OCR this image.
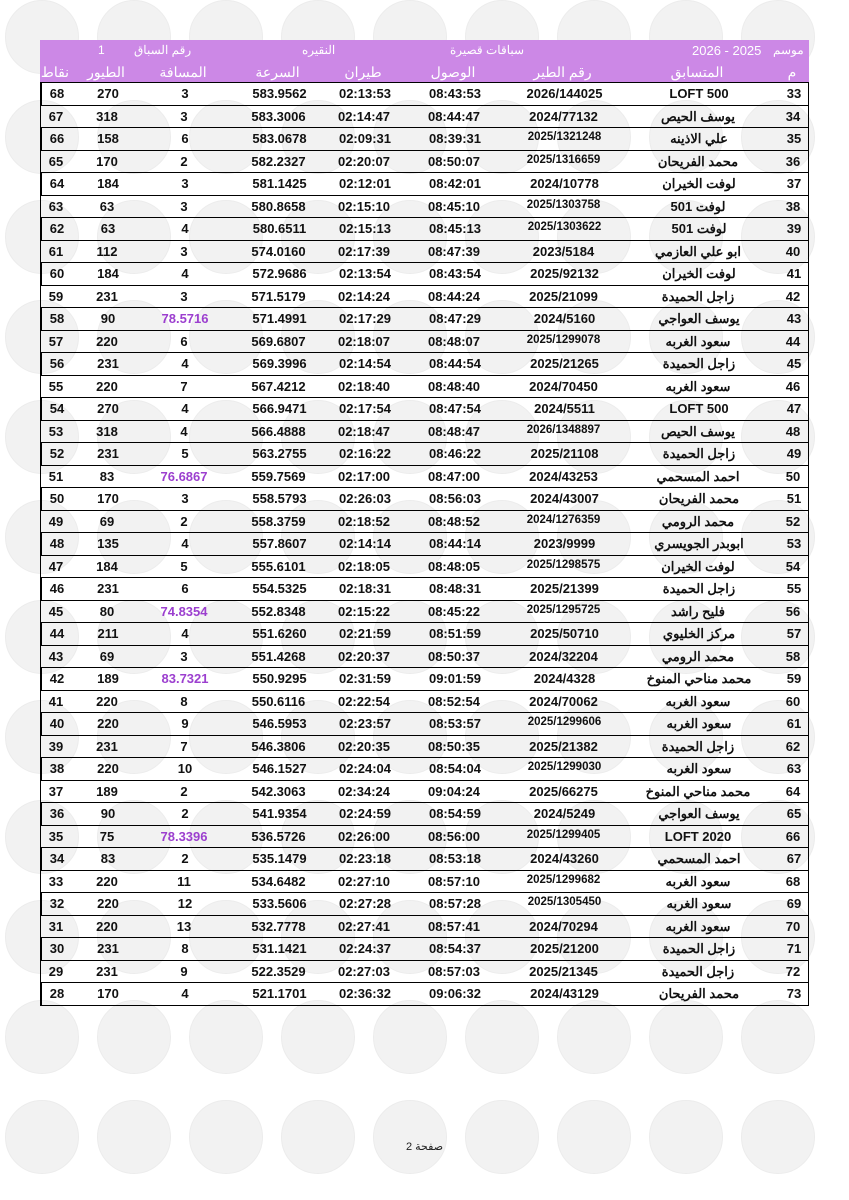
1 رقم السباق	النقيره	سباقات قصيرة	2026 - 2025 موسم
نقاط	الطيور	المسافة	السرعة	طيران	الوصول	رقم الطير	المتسابق	م
68	270	3	583.9562	02:13:53	08:43:53	2026/144025	LOFT 500	33
67	318	3	583.3006	02:14:47	08:44:47	2024/77132	يوسف الحيص	34
66	158	6	583.0678	02:09:31	08:39:31	2025/1321248	علي الاذينه	35
65	170	2	582.2327	02:20:07	08:50:07	2025/1316659	محمد الفريحان	36
64	184	3	581.1425	02:12:01	08:42:01	2024/10778	لوفت الخيران	37
63	63	3	580.8658	02:15:10	08:45:10	2025/1303758	لوفت 501	38
62	63	4	580.6511	02:15:13	08:45:13	2025/1303622	لوفت 501	39
61	112	3	574.0160	02:17:39	08:47:39	2023/5184	ابو علي العازمي	40
60	184	4	572.9686	02:13:54	08:43:54	2025/92132	لوفت الخيران	41
59	231	3	571.5179	02:14:24	08:44:24	2025/21099	زاجل الحميدة	42
58	90	78.5716	571.4991	02:17:29	08:47:29	2024/5160	يوسف العواجي	43
57	220	6	569.6807	02:18:07	08:48:07	2025/1299078	سعود الغربه	44
56	231	4	569.3996	02:14:54	08:44:54	2025/21265	زاجل الحميدة	45
55	220	7	567.4212	02:18:40	08:48:40	2024/70450	سعود الغربه	46
54	270	4	566.9471	02:17:54	08:47:54	2024/5511	LOFT 500	47
53	318	4	566.4888	02:18:47	08:48:47	2026/1348897	يوسف الحيص	48
52	231	5	563.2755	02:16:22	08:46:22	2025/21108	زاجل الحميدة	49
51	83	76.6867	559.7569	02:17:00	08:47:00	2024/43253	احمد المسحمي	50
50	170	3	558.5793	02:26:03	08:56:03	2024/43007	محمد الفريحان	51
49	69	2	558.3759	02:18:52	08:48:52	2024/1276359	محمد الرومي	52
48	135	4	557.8607	02:14:14	08:44:14	2023/9999	ابوبدر الجويسري	53
47	184	5	555.6101	02:18:05	08:48:05	2025/1298575	لوفت الخيران	54
46	231	6	554.5325	02:18:31	08:48:31	2025/21399	زاجل الحميدة	55
45	80	74.8354	552.8348	02:15:22	08:45:22	2025/1295725	فليح راشد	56
44	211	4	551.6260	02:21:59	08:51:59	2025/50710	مركز الخليوي	57
43	69	3	551.4268	02:20:37	08:50:37	2024/32204	محمد الرومي	58
42	189	83.7321	550.9295	02:31:59	09:01:59	2024/4328	محمد مناحي المنوخ	59
41	220	8	550.6116	02:22:54	08:52:54	2024/70062	سعود الغربه	60
40	220	9	546.5953	02:23:57	08:53:57	2025/1299606	سعود الغربه	61
39	231	7	546.3806	02:20:35	08:50:35	2025/21382	زاجل الحميدة	62
38	220	10	546.1527	02:24:04	08:54:04	2025/1299030	سعود الغربه	63
37	189	2	542.3063	02:34:24	09:04:24	2025/66275	محمد مناحي المنوخ	64
36	90	2	541.9354	02:24:59	08:54:59	2024/5249	يوسف العواجي	65
35	75	78.3396	536.5726	02:26:00	08:56:00	2025/1299405	LOFT 2020	66
34	83	2	535.1479	02:23:18	08:53:18	2024/43260	احمد المسحمي	67
33	220	11	534.6482	02:27:10	08:57:10	2025/1299682	سعود الغربه	68
32	220	12	533.5606	02:27:28	08:57:28	2025/1305450	سعود الغربه	69
31	220	13	532.7778	02:27:41	08:57:41	2024/70294	سعود الغربه	70
30	231	8	531.1421	02:24:37	08:54:37	2025/21200	زاجل الحميدة	71
29	231	9	522.3529	02:27:03	08:57:03	2025/21345	زاجل الحميدة	72
28	170	4	521.1701	02:36:32	09:06:32	2024/43129	محمد الفريحان	73
صفحة 2
